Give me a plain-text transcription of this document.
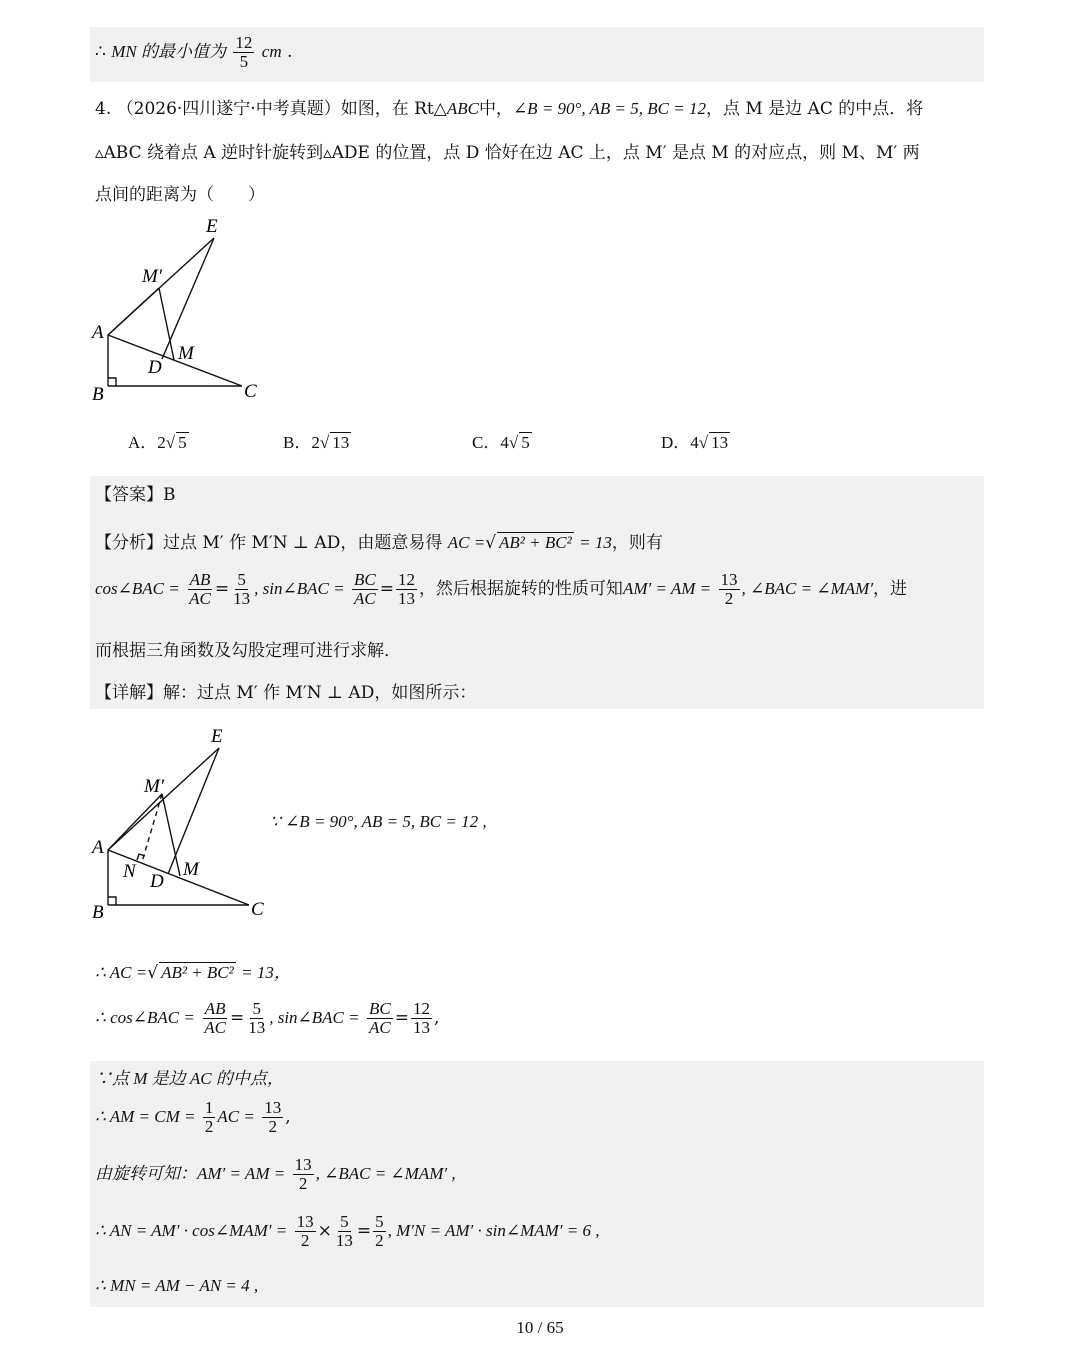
∴ MN 的最小值为 $\frac{12}{5}$ cm .
4. （2026·四川遂宁·中考真题）如图，在 Rt△ABC中，∠B = 90°, AB = 5, BC = 12，点 M 是边 AC 的中点．将
▵ABC 绕着点 A 逆时针旋转到▵ADE 的位置，点 D 恰好在边 AC 上，点 M′ 是点 M 的对应点，则 M、M′ 两
点间的距离为（　　）
E
M′
A
D
M
B	C
A．2√ 5	B．2√ 13	C．4√ 5	D．4√ 13
【答案】B
【分析】过点 M′ 作 M′N ⊥ AD，由题意易得 AC =√ AB² + BC² = 13，则有
cos∠BAC = $\frac{AB}{AC} = \frac{5}{13}$ , sin∠BAC = $\frac{BC}{AC} = \frac{12}{13}$ ，然后根据旋转的性质可知AM′ = AM = $\frac{13}{2}$ , ∠BAC = ∠MAM′，进
而根据三角函数及勾股定理可进行求解．
【详解】解：过点 M′ 作 M′N ⊥ AD，如图所示：
E
M′
A
N D
M
B	C
∵ ∠B = 90°, AB = 5, BC = 12 ,
∴ AC =√ AB² + BC² = 13，
∴ cos∠BAC = $\frac{AB}{AC} = \frac{5}{13}$ , sin∠BAC = $\frac{BC}{AC} = \frac{12}{13}$ ,
∵点 M 是边 AC 的中点，
∴ AM = CM = $\frac{1}{2}$ AC = $\frac{13}{2}$ ,
由旋转可知：AM′ = AM = $\frac{13}{2}$ , ∠BAC = ∠MAM′ ,
∴ AN = AM′ · cos∠MAM′ = $\frac{13}{2} \times \frac{5}{13} = \frac{5}{2}$ , M′N = AM′ · sin∠MAM′ = 6 ,
∴ MN = AM − AN = 4 ,
10 / 65
